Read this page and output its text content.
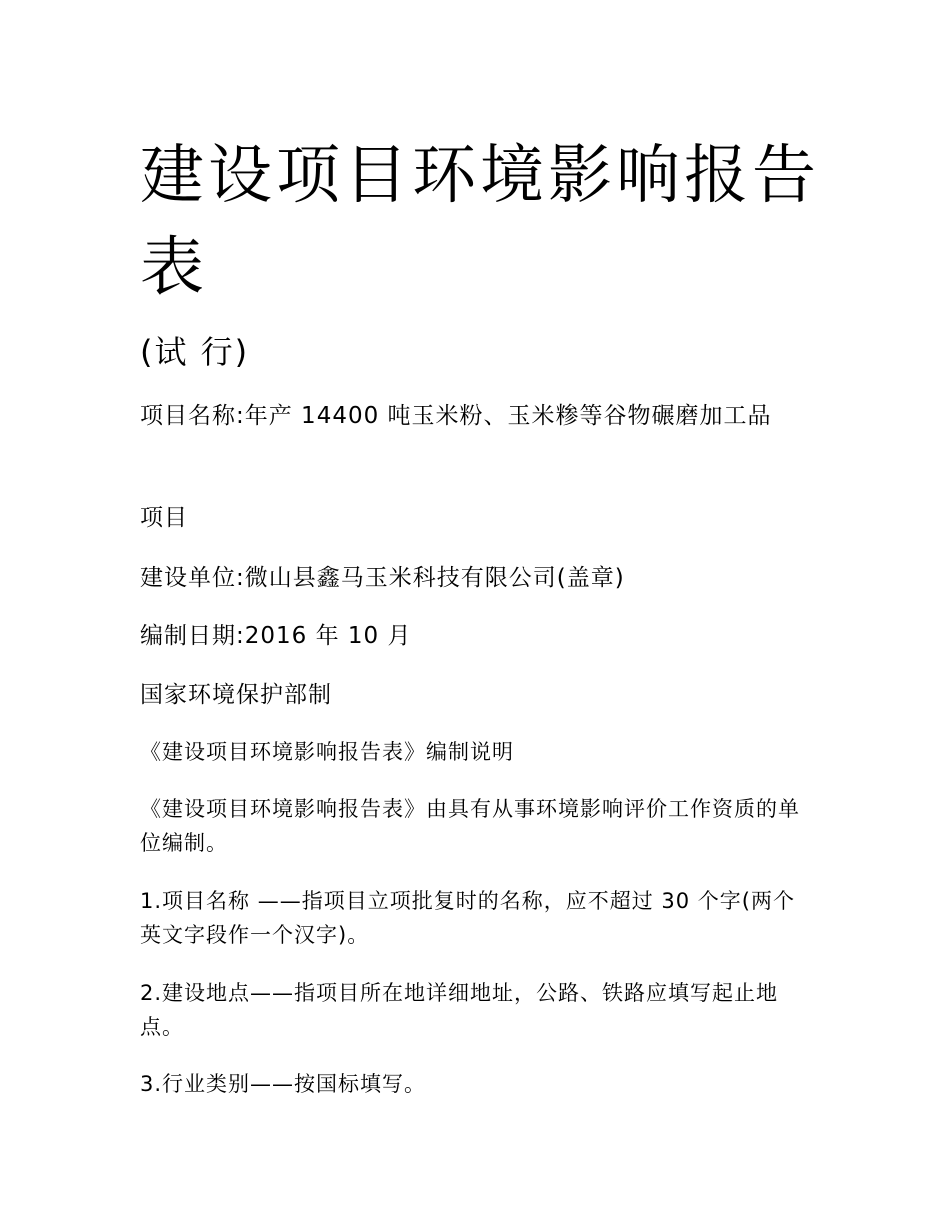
建设项目环境影响报告表
(试 行)
项目名称:年产 14400 吨玉米粉、玉米糁等谷物碾磨加工品
项目
建设单位:微山县鑫马玉米科技有限公司(盖章)
编制日期:2016 年 10 月
国家环境保护部制
《建设项目环境影响报告表》编制说明
《建设项目环境影响报告表》由具有从事环境影响评价工作资质的单位编制。
1.项目名称 ——指项目立项批复时的名称，应不超过 30 个字(两个英文字段作一个汉字)。
2.建设地点——指项目所在地详细地址，公路、铁路应填写起止地点。
3.行业类别——按国标填写。
